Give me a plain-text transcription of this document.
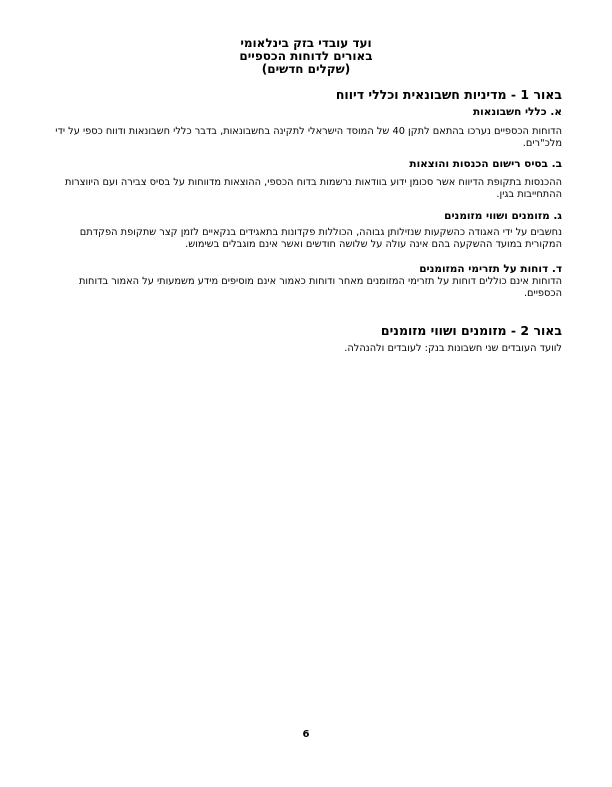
ועד עובדי בזק בינלאומי
באורים לדוחות הכספיים
(שקלים חדשים)
באור 1 - מדיניות חשבונאית וכללי דיווח
א. כללי חשבונאות
הדוחות הכספיים נערכו בהתאם לתקן 40 של המוסד הישראלי לתקינה בחשבונאות, בדבר כללי חשבונאות ודווח כספי על ידי מלכ"רים.
ב. בסיס רישום הכנסות והוצאות
ההכנסות בתקופת הדיווח אשר סכומן ידוע בוודאות נרשמות בדוח הכספי, ההוצאות מדווחות על בסיס צבירה ועם היווצרות ההתחייבות בגין.
ג. מזומנים ושווי מזומנים
נחשבים על ידי האגודה כהשקעות שנזילותן גבוהה, הכוללות פקדונות בתאגידים בנקאיים לזמן קצר שתקופת הפקדתם המקורית במועד ההשקעה בהם אינה עולה על שלושה חודשים ואשר אינם מוגבלים בשימוש.
ד. דוחות על תזרימי המזומנים
הדוחות אינם כוללים דוחות על תזרימי המזומנים מאחר ודוחות כאמור אינם מוסיפים מידע משמעותי על האמור בדוחות הכספיים.
באור 2 - מזומנים ושווי מזומנים
לוועד העובדים שני חשבונות בנק: לעובדים ולהנהלה.
6
